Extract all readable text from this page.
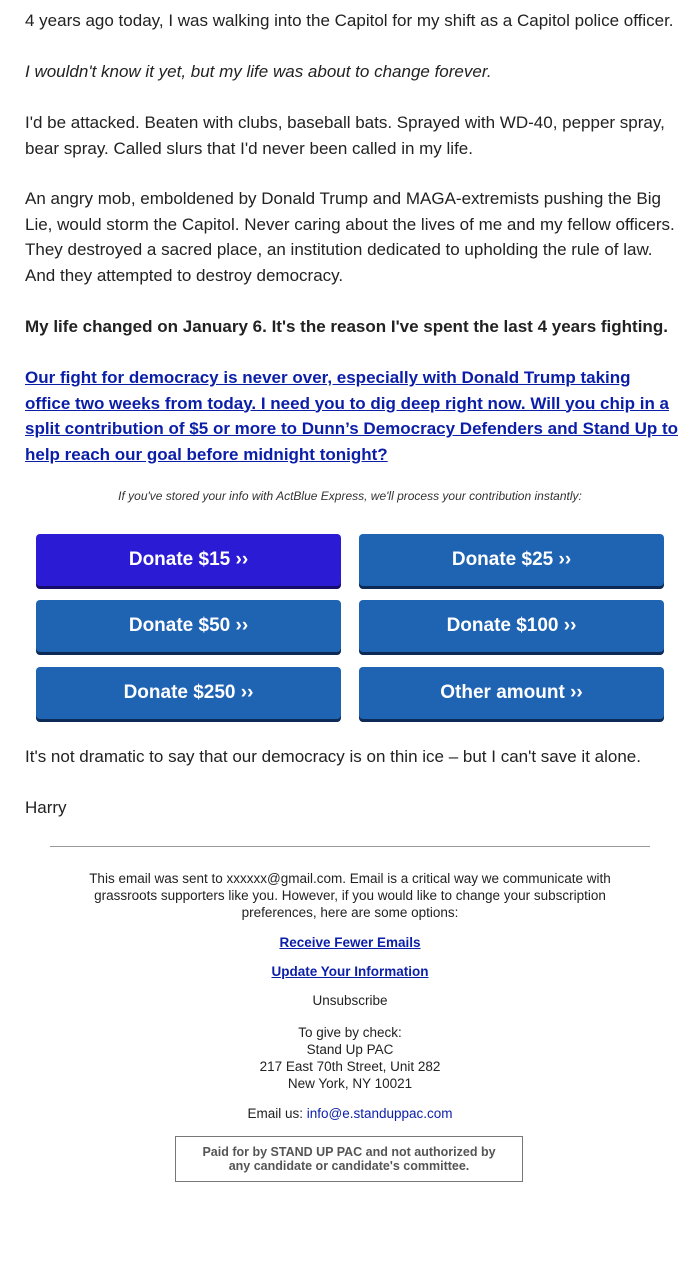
4 years ago today, I was walking into the Capitol for my shift as a Capitol police officer.

I wouldn't know it yet, but my life was about to change forever.

I'd be attacked. Beaten with clubs, baseball bats. Sprayed with WD-40, pepper spray, bear spray. Called slurs that I'd never been called in my life.

An angry mob, emboldened by Donald Trump and MAGA-extremists pushing the Big Lie, would storm the Capitol. Never caring about the lives of me and my fellow officers. They destroyed a sacred place, an institution dedicated to upholding the rule of law. And they attempted to destroy democracy.

My life changed on January 6. It's the reason I've spent the last 4 years fighting.

Our fight for democracy is never over, especially with Donald Trump taking office two weeks from today. I need you to dig deep right now. Will you chip in a split contribution of $5 or more to Dunn’s Democracy Defenders and Stand Up to help reach our goal before midnight tonight?

If you've stored your info with ActBlue Express, we'll process your contribution instantly:

Donate $15 ››	Donate $25 ››
Donate $50 ››	Donate $100 ››
Donate $250 ››	Other amount ››

It's not dramatic to say that our democracy is on thin ice – but I can't save it alone.

Harry

This email was sent to xxxxxx@gmail.com. Email is a critical way we communicate with grassroots supporters like you. However, if you would like to change your subscription preferences, here are some options:

Receive Fewer Emails

Update Your Information

Unsubscribe

To give by check:
Stand Up PAC
217 East 70th Street, Unit 282
New York, NY 10021

Email us: info@e.standuppac.com

Paid for by STAND UP PAC and not authorized by any candidate or candidate's committee.
